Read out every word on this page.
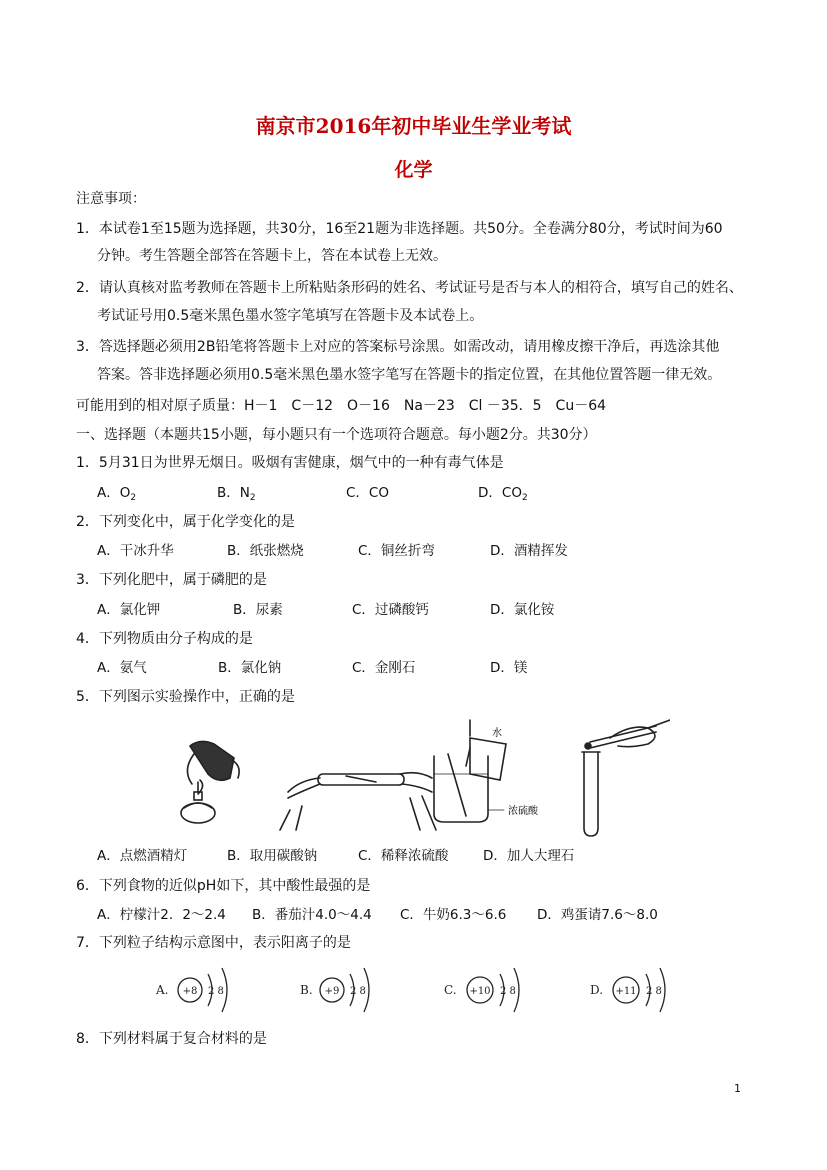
南京市2016年初中毕业生学业考试
化学
注意事项：
1．本试卷1至15题为选择题，共30分，16至21题为非选择题。共50分。全卷满分80分，考试时间为60
分钟。考生答题全部答在答题卡上，答在本试卷上无效。
2．请认真核对监考教师在答题卡上所粘贴条形码的姓名、考试证号是否与本人的相符合，填写自己的姓名、
考试证号用0.5毫米黑色墨水签字笔填写在答题卡及本试卷上。
3．答选择题必须用2B铅笔将答题卡上对应的答案标号涂黑。如需改动，请用橡皮擦干净后，再选涂其他
答案。答非选择题必须用0.5毫米黑色墨水签字笔写在答题卡的指定位置，在其他位置答题一律无效。
可能用到的相对原子质量：H－1　C－12　O－16　Na－23　Cl －35．5　Cu－64
一、选择题（本题共15小题，每小题只有一个选项符合题意。每小题2分。共30分）
1．5月31日为世界无烟日。吸烟有害健康，烟气中的一种有毒气体是
A．$O_2$	B．$N_2$	C．CO	D．$CO_2$
2．下列变化中，属于化学变化的是
A．干冰升华	B．纸张燃烧	C．铜丝折弯	D．酒精挥发
3．下列化肥中，属于磷肥的是
A．氯化钾	B．尿素	C．过磷酸钙	D．氯化铵
4．下列物质由分子构成的是
A．氨气	B．氯化钠	C．金刚石	D．镁
5．下列图示实验操作中，正确的是
水
浓硫酸
A．点燃酒精灯	B．取用碳酸钠	C．稀释浓硫酸	D．加人大理石
6．下列食物的近似pH如下，其中酸性最强的是
A．柠檬汁2．2～2.4 B．番茄汁4.0～4.4 C．牛奶6.3～6.6 D．鸡蛋请7.6～8.0
7．下列粒子结构示意图中，表示阳离子的是
A. +8 2 8	B. +9 2 8	C. +10 2 8	D. +11 2 8
8．下列材料属于复合材料的是
1
